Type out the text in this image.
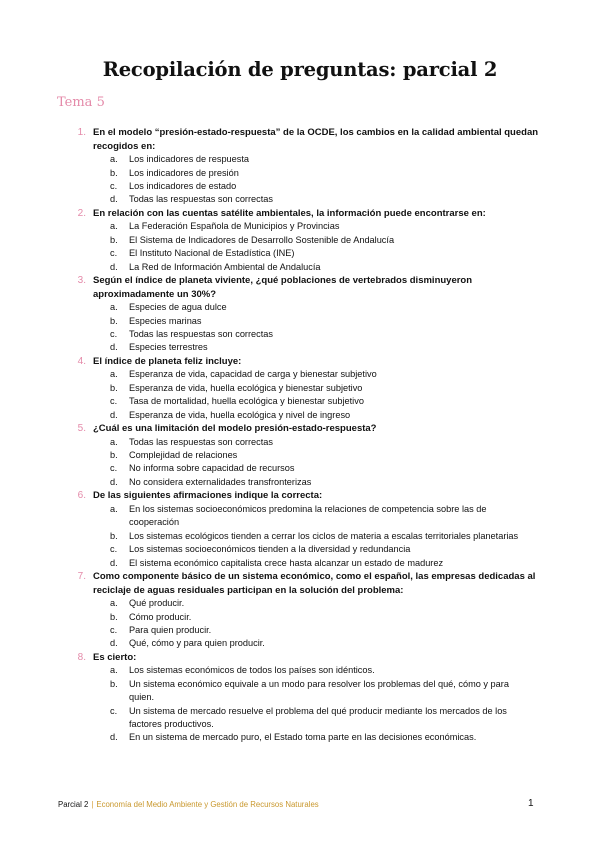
Recopilación de preguntas: parcial 2
Tema 5
1. En el modelo “presión-estado-respuesta” de la OCDE, los cambios en la calidad ambiental quedan recogidos en:
a.	Los indicadores de respuesta
b.	Los indicadores de presión
c.	Los indicadores de estado
d.	Todas las respuestas son correctas
2. En relación con las cuentas satélite ambientales, la información puede encontrarse en:
a.	La Federación Española de Municipios y Provincias
b.	El Sistema de Indicadores de Desarrollo Sostenible de Andalucía
c.	El Instituto Nacional de Estadística (INE)
d.	La Red de Información Ambiental de Andalucía
3. Según el índice de planeta viviente, ¿qué poblaciones de vertebrados disminuyeron aproximadamente un 30%?
a.	Especies de agua dulce
b.	Especies marinas
c.	Todas las respuestas son correctas
d.	Especies terrestres
4. El índice de planeta feliz incluye:
a.	Esperanza de vida, capacidad de carga y bienestar subjetivo
b.	Esperanza de vida, huella ecológica y bienestar subjetivo
c.	Tasa de mortalidad, huella ecológica y bienestar subjetivo
d.	Esperanza de vida, huella ecológica y nivel de ingreso
5. ¿Cuál es una limitación del modelo presión-estado-respuesta?
a.	Todas las respuestas son correctas
b.	Complejidad de relaciones
c.	No informa sobre capacidad de recursos
d.	No considera externalidades transfronterizas
6. De las siguientes afirmaciones indique la correcta:
a.	En los sistemas socioeconómicos predomina la relaciones de competencia sobre las de cooperación
b.	Los sistemas ecológicos tienden a cerrar los ciclos de materia a escalas territoriales planetarias
c.	Los sistemas socioeconómicos tienden a la diversidad y redundancia
d.	El sistema económico capitalista crece hasta alcanzar un estado de madurez
7. Como componente básico de un sistema económico, como el español, las empresas dedicadas al reciclaje de aguas residuales participan en la solución del problema:
a.	Qué producir.
b.	Cómo producir.
c.	Para quien producir.
d.	Qué, cómo y para quien producir.
8. Es cierto:
a.	Los sistemas económicos de todos los países son idénticos.
b.	Un sistema económico equivale a un modo para resolver los problemas del qué, cómo y para quien.
c.	Un sistema de mercado resuelve el problema del qué producir mediante los mercados de los factores productivos.
d.	En un sistema de mercado puro, el Estado toma parte en las decisiones económicas.
Parcial 2 | Economía del Medio Ambiente y Gestión de Recursos Naturales	1
